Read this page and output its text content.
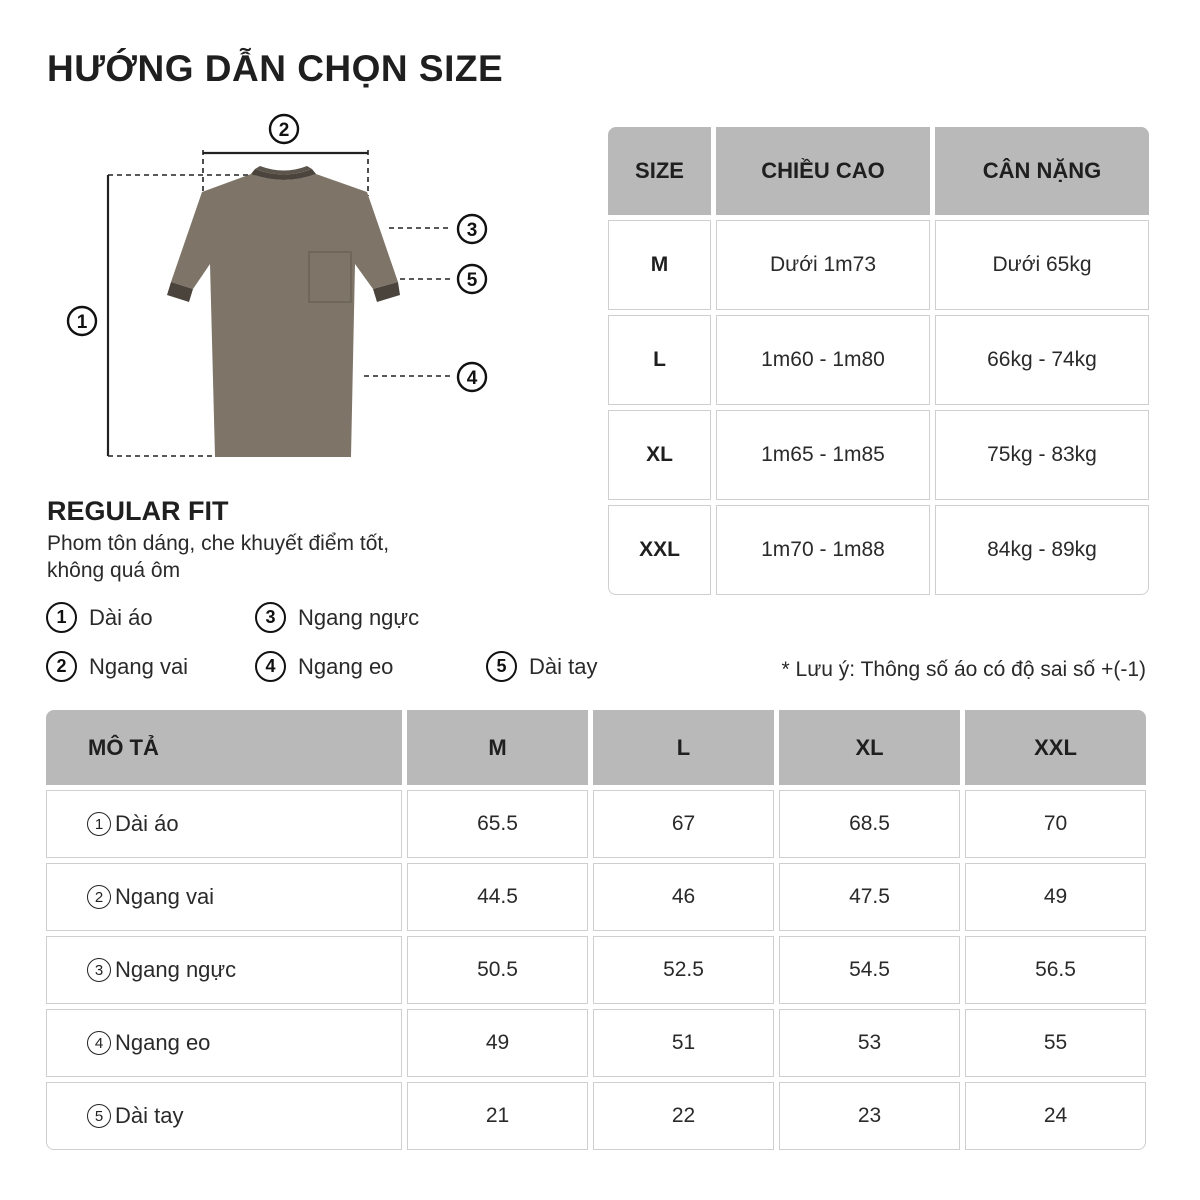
HƯỚNG DẪN CHỌN SIZE
2
1
3
5
4
REGULAR FIT
Phom tôn dáng, che khuyết điểm tốt,
không quá ôm
1	Dài áo
2	Ngang vai
3	Ngang ngực
4	Ngang eo	5	Dài tay	* Lưu ý: Thông số áo có độ sai số +(-1)
SIZE	CHIỀU CAO	CÂN NẶNG
M	Dưới 1m73	Dưới 65kg
L	1m60 - 1m80	66kg - 74kg
XL	1m65 - 1m85	75kg - 83kg
XXL	1m70 - 1m88	84kg - 89kg
MÔ TẢ	M	L	XL	XXL
1 Dài áo	65.5	67	68.5	70
2 Ngang vai	44.5	46	47.5	49
3 Ngang ngực	50.5	52.5	54.5	56.5
4 Ngang eo	49	51	53	55
5 Dài tay	21	22	23	24
